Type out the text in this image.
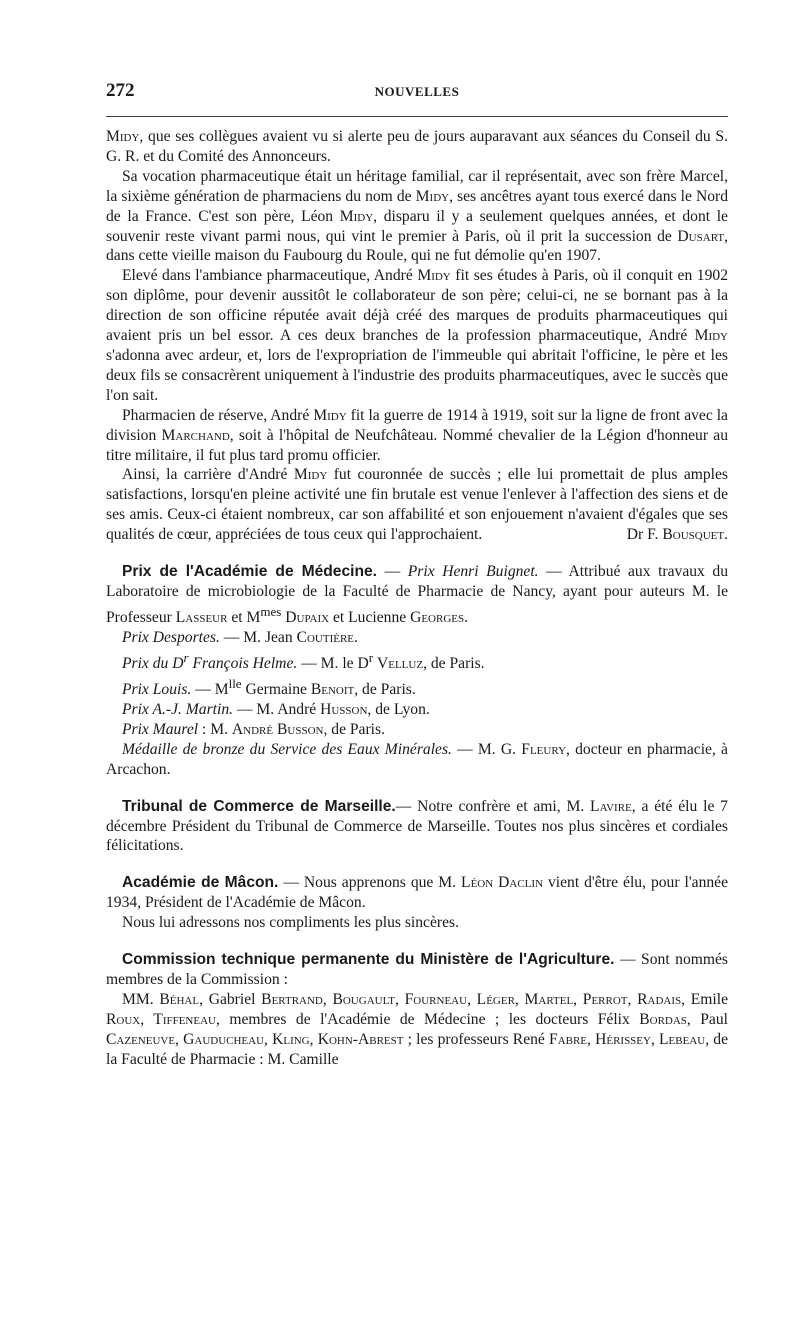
272	NOUVELLES

Midy, que ses collègues avaient vu si alerte peu de jours auparavant aux séances du Conseil du S. G. R. et du Comité des Annonceurs.

Sa vocation pharmaceutique était un héritage familial, car il représentait, avec son frère Marcel, la sixième génération de pharmaciens du nom de Midy, ses ancêtres ayant tous exercé dans le Nord de la France. C'est son père, Léon Midy, disparu il y a seulement quelques années, et dont le souvenir reste vivant parmi nous, qui vint le premier à Paris, où il prit la succession de Dusart, dans cette vieille maison du Faubourg du Roule, qui ne fut démolie qu'en 1907.

Elevé dans l'ambiance pharmaceutique, André Midy fit ses études à Paris, où il conquit en 1902 son diplôme, pour devenir aussitôt le collaborateur de son père; celui-ci, ne se bornant pas à la direction de son officine réputée avait déjà créé des marques de produits pharmaceutiques qui avaient pris un bel essor. A ces deux branches de la profession pharmaceutique, André Midy s'adonna avec ardeur, et, lors de l'expropriation de l'immeuble qui abritait l'officine, le père et les deux fils se consacrèrent uniquement à l'industrie des produits pharmaceutiques, avec le succès que l'on sait.

Pharmacien de réserve, André Midy fit la guerre de 1914 à 1919, soit sur la ligne de front avec la division Marchand, soit à l'hôpital de Neufchâteau. Nommé chevalier de la Légion d'honneur au titre militaire, il fut plus tard promu officier.

Ainsi, la carrière d'André Midy fut couronnée de succès ; elle lui promettait de plus amples satisfactions, lorsqu'en pleine activité une fin brutale est venue l'enlever à l'affection des siens et de ses amis. Ceux-ci étaient nombreux, car son affabilité et son enjouement n'avaient d'égales que ses qualités de cœur, appréciées de tous ceux qui l'approchaient.	Dr F. Bousquet.

Prix de l'Académie de Médecine. — Prix Henri Buignet. — Attribué aux travaux du Laboratoire de microbiologie de la Faculté de Pharmacie de Nancy, ayant pour auteurs M. le Professeur Lasseur et $M^{mes}$ Dupaix et Lucienne Georges.

Prix Desportes. — M. Jean Coutière.

Prix du $D^r$ François Helme. — M. le $D^r$ Velluz, de Paris.

Prix Louis. — $M^{lle}$ Germaine Benoit, de Paris.

Prix A.-J. Martin. — M. André Husson, de Lyon.

Prix Maurel : M. André Busson, de Paris.

Médaille de bronze du Service des Eaux Minérales. — M. G. Fleury, docteur en pharmacie, à Arcachon.

Tribunal de Commerce de Marseille.— Notre confrère et ami, M. Lavire, a été élu le 7 décembre Président du Tribunal de Commerce de Marseille. Toutes nos plus sincères et cordiales félicitations.

Académie de Mâcon. — Nous apprenons que M. Léon Daclin vient d'être élu, pour l'année 1934, Président de l'Académie de Mâcon.

Nous lui adressons nos compliments les plus sincères.

Commission technique permanente du Ministère de l'Agriculture. — Sont nommés membres de la Commission :

MM. Béhal, Gabriel Bertrand, Bougault, Fourneau, Léger, Martel, Perrot, Radais, Emile Roux, Tiffeneau, membres de l'Académie de Médecine ; les docteurs Félix Bordas, Paul Cazeneuve, Gauducheau, Kling, Kohn-Abrest ; les professeurs René Fabre, Hérissey, Lebeau, de la Faculté de Pharmacie : M. Camille
